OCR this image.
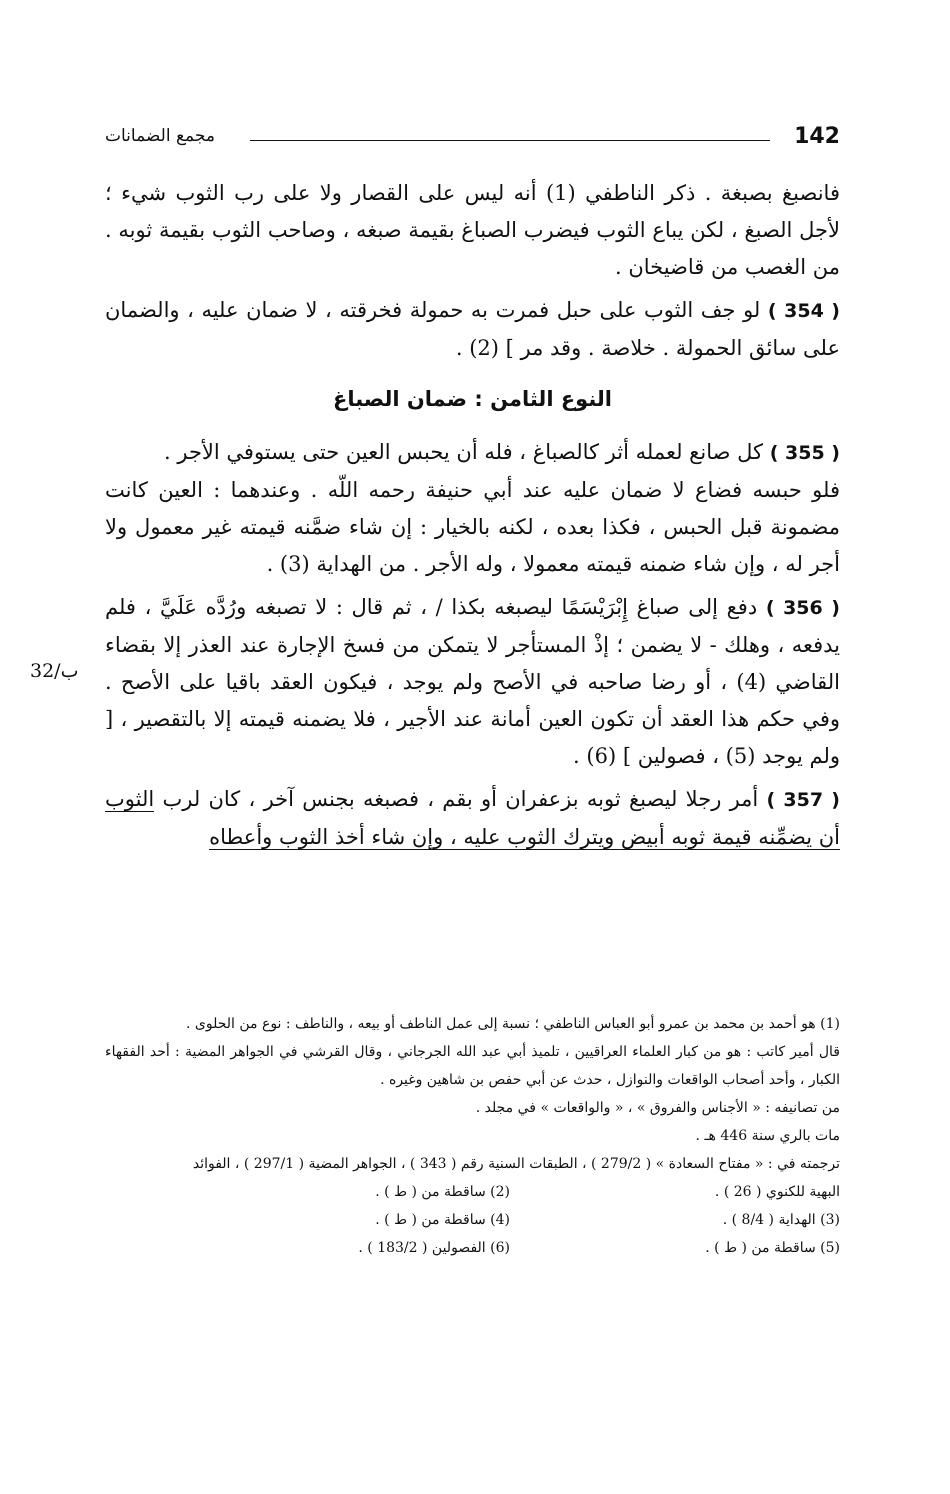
142
مجمع الضمانات
32/ب

فانصبغ بصبغة . ذكر الناطفي (1) أنه ليس على القصار ولا على رب الثوب شيء ؛ لأجل الصبغ ، لكن يباع الثوب فيضرب الصباغ بقيمة صبغه ، وصاحب الثوب بقيمة ثوبه . من الغصب من قاضيخان .

( 354 ) لو جف الثوب على حبل فمرت به حمولة فخرقته ، لا ضمان عليه ، والضمان على سائق الحمولة . خلاصة . وقد مر ] (2) .

النوع الثامن : ضمان الصباغ

( 355 ) كل صانع لعمله أثر كالصباغ ، فله أن يحبس العين حتى يستوفي الأجر .

فلو حبسه فضاع لا ضمان عليه عند أبي حنيفة رحمه اللّه . وعندهما : العين كانت مضمونة قبل الحبس ، فكذا بعده ، لكنه بالخيار : إن شاء ضمَّنه قيمته غير معمول ولا أجر له ، وإن شاء ضمنه قيمته معمولا ، وله الأجر . من الهداية (3) .

( 356 ) دفع إلى صباغ إِبْرَيْسَمًا ليصبغه بكذا / ، ثم قال : لا تصبغه ورُدَّه عَلَيَّ ، فلم يدفعه ، وهلك - لا يضمن ؛ إذْ المستأجر لا يتمكن من فسخ الإجارة عند العذر إلا بقضاء القاضي (4) ، أو رضا صاحبه في الأصح ولم يوجد ، فيكون العقد باقيا على الأصح . وفي حكم هذا العقد أن تكون العين أمانة عند الأجير ، فلا يضمنه قيمته إلا بالتقصير ، [ ولم يوجد (5) ، فصولين ] (6) .

( 357 ) أمر رجلا ليصبغ ثوبه بزعفران أو بقم ، فصبغه بجنس آخر ، كان لرب الثوب أن يضمِّنه قيمة ثوبه أبيض ويترك الثوب عليه ، وإن شاء أخذ الثوب وأعطاه

(1) هو أحمد بن محمد بن عمرو أبو العباس الناطفي ؛ نسبة إلى عمل الناطف أو بيعه ، والناطف : نوع من الحلوى .

قال أمير كاتب : هو من كبار العلماء العراقيين ، تلميذ أبي عبد الله الجرجاني ، وقال القرشي في الجواهر المضية : أحد الفقهاء الكبار ، وأحد أصحاب الواقعات والنوازل ، حدث عن أبي حفص بن شاهين وغيره .

من تصانيفه : « الأجناس والفروق » ، « والواقعات » في مجلد .

مات بالري سنة 446 هـ .

ترجمته في : « مفتاح السعادة » ( 279/2 ) ، الطبقات السنية رقم ( 343 ) ، الجواهر المضية ( 297/1 ) ، الفوائد

البهية للكنوي ( 26 ) .
(2) ساقطة من ( ط ) .
(3) الهداية ( 8/4 ) .
(4) ساقطة من ( ط ) .
(5) ساقطة من ( ط ) .
(6) الفصولين ( 183/2 ) .
